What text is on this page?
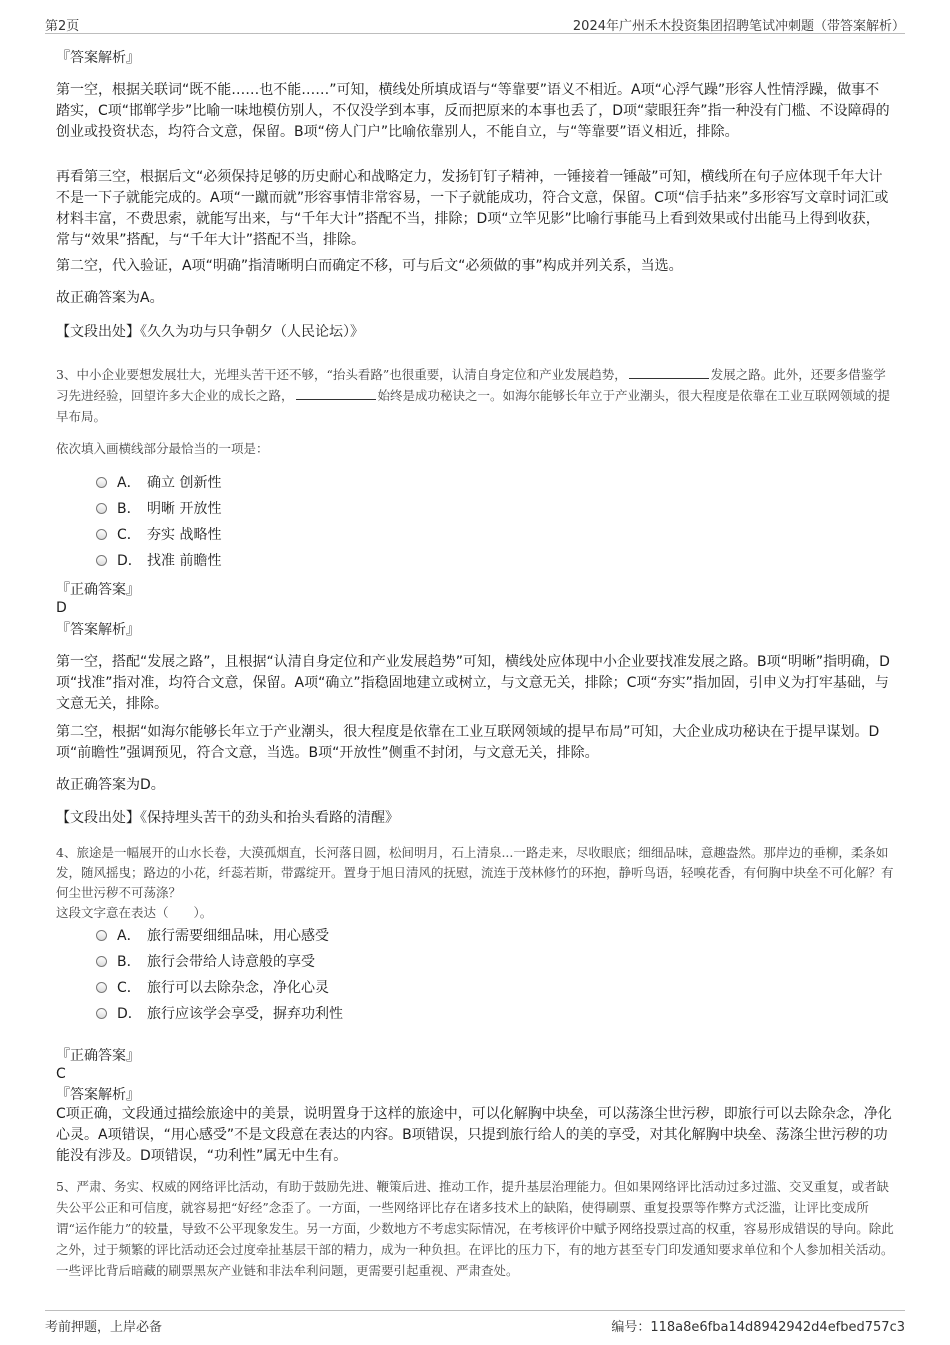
第2页	2024年广州禾木投资集团招聘笔试冲刺题（带答案解析）
『答案解析』
第一空，根据关联词“既不能……也不能……”可知，横线处所填成语与“等靠要”语义不相近。A项“心浮气躁”形容人性情浮躁，做事不踏实，C项“邯郸学步”比喻一味地模仿别人，不仅没学到本事，反而把原来的本事也丢了，D项“蒙眼狂奔”指一种没有门槛、不设障碍的创业或投资状态，均符合文意，保留。B项“傍人门户”比喻依靠别人，不能自立，与“等靠要”语义相近，排除。
再看第三空，根据后文“必须保持足够的历史耐心和战略定力，发扬钉钉子精神，一锤接着一锤敲”可知，横线所在句子应体现千年大计不是一下子就能完成的。A项“一蹴而就”形容事情非常容易，一下子就能成功，符合文意，保留。C项“信手拈来”多形容写文章时词汇或材料丰富，不费思索，就能写出来，与“千年大计”搭配不当，排除；D项“立竿见影”比喻行事能马上看到效果或付出能马上得到收获，常与“效果”搭配，与“千年大计”搭配不当，排除。
第二空，代入验证，A项“明确”指清晰明白而确定不移，可与后文“必须做的事”构成并列关系，当选。
故正确答案为A。
【文段出处】《久久为功与只争朝夕（人民论坛）》
3、中小企业要想发展壮大，光埋头苦干还不够，“抬头看路”也很重要，认清自身定位和产业发展趋势，	发展之路。此外，还要多借鉴学习先进经验，回望许多大企业的成长之路，	始终是成功秘诀之一。如海尔能够长年立于产业潮头，很大程度是依靠在工业互联网领域的提早布局。
依次填入画横线部分最恰当的一项是：
A． 确立 创新性
B． 明晰 开放性
C． 夯实 战略性
D． 找准 前瞻性
『正确答案』
D
『答案解析』
第一空，搭配“发展之路”，且根据“认清自身定位和产业发展趋势”可知，横线处应体现中小企业要找准发展之路。B项“明晰”指明确，D项“找准”指对准，均符合文意，保留。A项“确立”指稳固地建立或树立，与文意无关，排除；C项“夯实”指加固，引申义为打牢基础，与文意无关，排除。
第二空，根据“如海尔能够长年立于产业潮头，很大程度是依靠在工业互联网领域的提早布局”可知，大企业成功秘诀在于提早谋划。D项“前瞻性”强调预见，符合文意，当选。B项“开放性”侧重不封闭，与文意无关，排除。
故正确答案为D。
【文段出处】《保持埋头苦干的劲头和抬头看路的清醒》
4、旅途是一幅展开的山水长卷，大漠孤烟直，长河落日圆，松间明月，石上清泉...一路走来，尽收眼底；细细品味，意趣盎然。那岸边的垂柳，柔条如发，随风摇曳；路边的小花，纤蕊若斯，带露绽开。置身于旭日清风的抚慰，流连于茂林修竹的环抱，静听鸟语，轻嗅花香，有何胸中块垒不可化解？有何尘世污秽不可荡涤？
这段文字意在表达（　　）。
A． 旅行需要细细品味，用心感受
B． 旅行会带给人诗意般的享受
C． 旅行可以去除杂念，净化心灵
D． 旅行应该学会享受，摒弃功利性
『正确答案』
C
『答案解析』
C项正确，文段通过描绘旅途中的美景，说明置身于这样的旅途中，可以化解胸中块垒，可以荡涤尘世污秽，即旅行可以去除杂念，净化心灵。A项错误，“用心感受”不是文段意在表达的内容。B项错误，只提到旅行给人的美的享受，对其化解胸中块垒、荡涤尘世污秽的功能没有涉及。D项错误，“功利性”属无中生有。
5、严肃、务实、权威的网络评比活动，有助于鼓励先进、鞭策后进、推动工作，提升基层治理能力。但如果网络评比活动过多过滥、交叉重复，或者缺失公平公正和可信度，就容易把“好经”念歪了。一方面，一些网络评比存在诸多技术上的缺陷，使得刷票、重复投票等作弊方式泛滥，让评比变成所谓“运作能力”的较量，导致不公平现象发生。另一方面，少数地方不考虑实际情况，在考核评价中赋予网络投票过高的权重，容易形成错误的导向。除此之外，过于频繁的评比活动还会过度牵扯基层干部的精力，成为一种负担。在评比的压力下，有的地方甚至专门印发通知要求单位和个人参加相关活动。一些评比背后暗藏的刷票黑灰产业链和非法牟利问题，更需要引起重视、严肃查处。
考前押题，上岸必备	编号：118a8e6fba14d8942942d4efbed757c3
